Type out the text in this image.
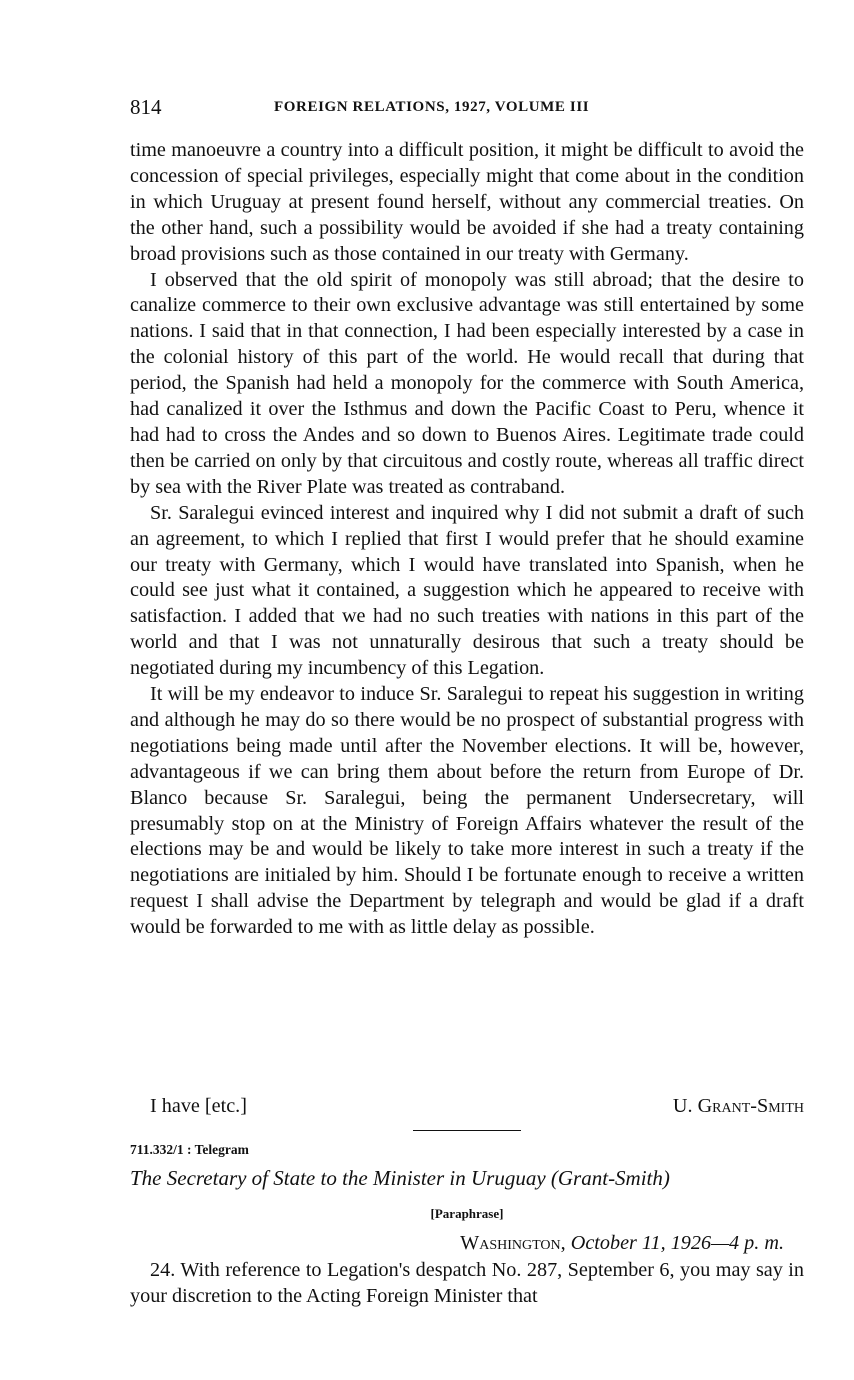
814	FOREIGN RELATIONS, 1927, VOLUME III

time manoeuvre a country into a difficult position, it might be difficult to avoid the concession of special privileges, especially might that come about in the condition in which Uruguay at present found herself, without any commercial treaties. On the other hand, such a possibility would be avoided if she had a treaty containing broad provisions such as those contained in our treaty with Germany.

I observed that the old spirit of monopoly was still abroad; that the desire to canalize commerce to their own exclusive advantage was still entertained by some nations. I said that in that connection, I had been especially interested by a case in the colonial history of this part of the world. He would recall that during that period, the Spanish had held a monopoly for the commerce with South America, had canalized it over the Isthmus and down the Pacific Coast to Peru, whence it had had to cross the Andes and so down to Buenos Aires. Legitimate trade could then be carried on only by that circuitous and costly route, whereas all traffic direct by sea with the River Plate was treated as contraband.

Sr. Saralegui evinced interest and inquired why I did not submit a draft of such an agreement, to which I replied that first I would prefer that he should examine our treaty with Germany, which I would have translated into Spanish, when he could see just what it contained, a suggestion which he appeared to receive with satisfaction. I added that we had no such treaties with nations in this part of the world and that I was not unnaturally desirous that such a treaty should be negotiated during my incumbency of this Legation.

It will be my endeavor to induce Sr. Saralegui to repeat his suggestion in writing and although he may do so there would be no prospect of substantial progress with negotiations being made until after the November elections. It will be, however, advantageous if we can bring them about before the return from Europe of Dr. Blanco because Sr. Saralegui, being the permanent Undersecretary, will presumably stop on at the Ministry of Foreign Affairs whatever the result of the elections may be and would be likely to take more interest in such a treaty if the negotiations are initialed by him. Should I be fortunate enough to receive a written request I shall advise the Department by telegraph and would be glad if a draft would be forwarded to me with as little delay as possible.

I have [etc.]	U. Grant-Smith
711.332/1 : Telegram
The Secretary of State to the Minister in Uruguay (Grant-Smith)
[Paraphrase]
Washington, October 11, 1926—4 p. m.

24. With reference to Legation's despatch No. 287, September 6, you may say in your discretion to the Acting Foreign Minister that
